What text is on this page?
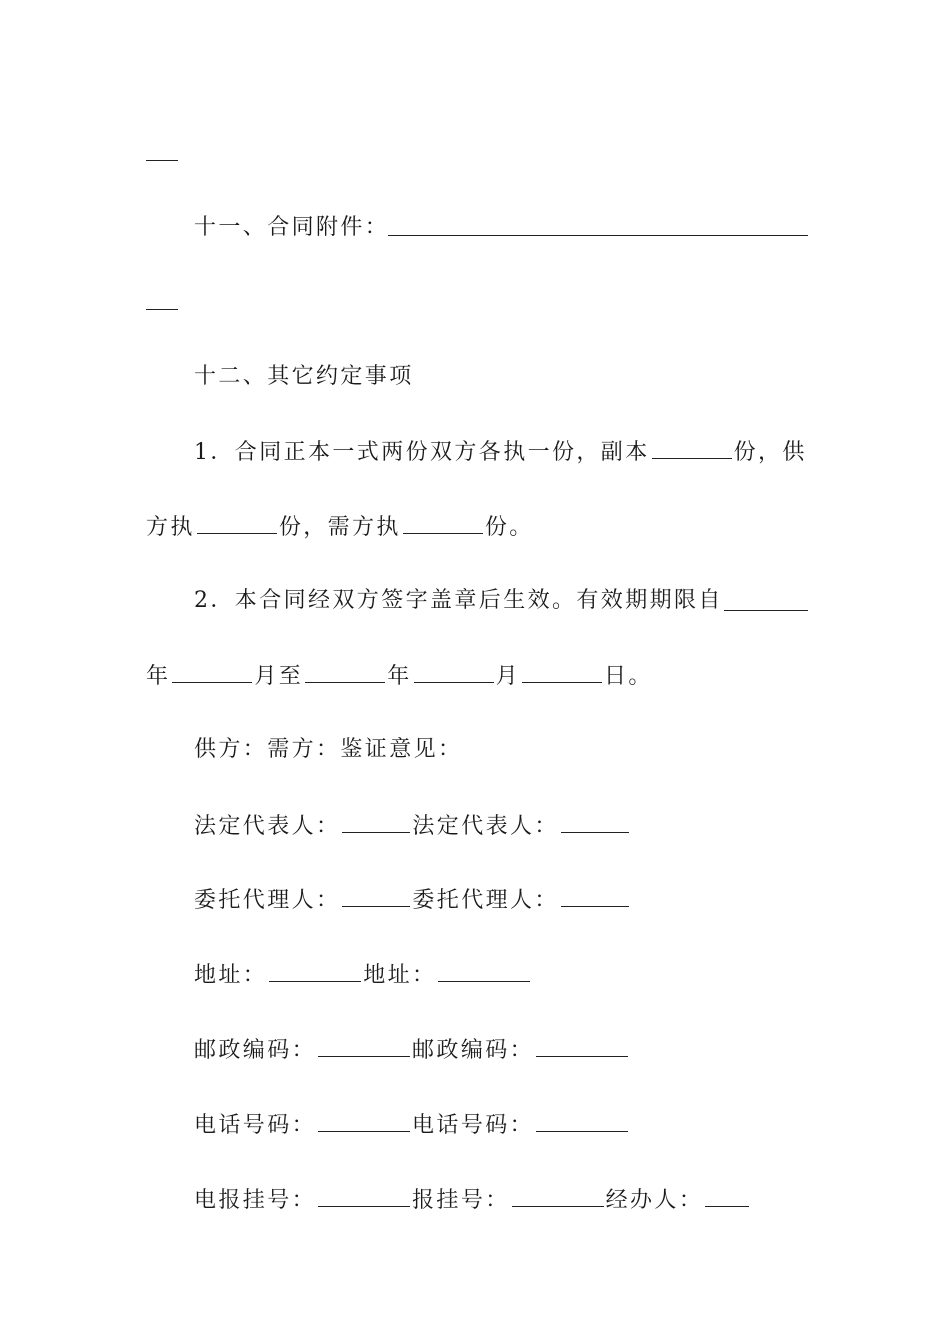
十一、合同附件：
十二、其它约定事项
1．合同正本一式两份双方各执一份，副本	份，供
方执	份，需方执	份。
2．本合同经双方签字盖章后生效。有效期期限自
年	月至	年	月	日。
供方：需方：鉴证意见：
法定代表人：	法定代表人：
委托代理人：	委托代理人：
地址：	地址：
邮政编码：	邮政编码：
电话号码：	电话号码：
电报挂号：	报挂号：	经办人：
